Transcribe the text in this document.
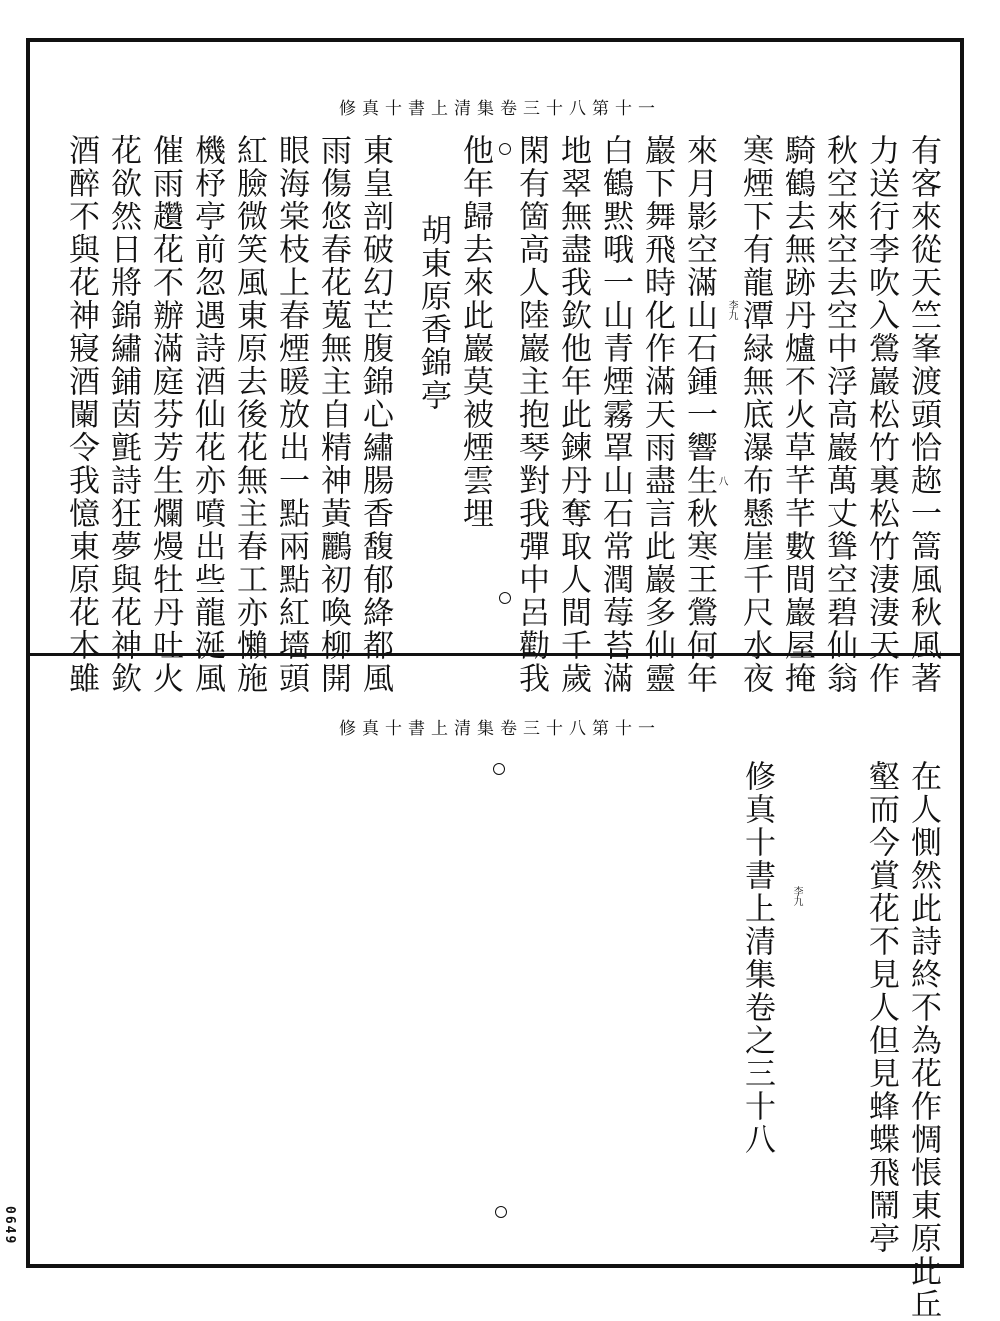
修真十書上清集卷三十八第十一
有客來從天竺峯渡頭恰趂一篙風秋風著
力送行李吹入鶯巖松竹裏松竹淒淒天作
秋空來空去空中浮高巖萬丈聳空碧仙翁
騎鶴去無跡丹爐不火草芊芊數間巖屋掩
寒煙下有龍潭緑無底瀑布懸崖千尺水夜
來月影空滿山石鍾一響生秋寒王鶯何年
巖下舞飛時化作滿天雨盡言此巖多仙靈
白鶴黙哦一山青煙霧罩山石常潤莓苔滿
地翠無盡我欽他年此鍊丹奪取人間千歲
閑有箇高人陸巖主抱琴對我彈中呂勸我
他年歸去來此巖莫被煙雲埋
胡東原香錦亭
東皇剖破幻芒腹錦心繡腸香馥郁絳都風
雨傷悠春花蒐無主自精神黃鸝初喚柳開
眼海棠枝上春煙暖放出一點兩點紅墻頭
紅臉微笑風東原去後花無主春工亦懶施
機杼亭前忽遇詩酒仙花亦噴出些龍涎風
催雨趲花不辦滿庭芬芳生爛熳牡丹吐火
花欲然日將錦繡鋪茵氈詩狂夢與花神欽
酒醉不與花神寢酒闌令我憶東原花木雖	八
李九
修真十書上清集卷三十八第十一
在人惻然此詩終不為花作惆悵東原此丘
壑而今賞花不見人但見蜂蝶飛鬧亭
修真十書上清集卷之三十八 李九
0649
